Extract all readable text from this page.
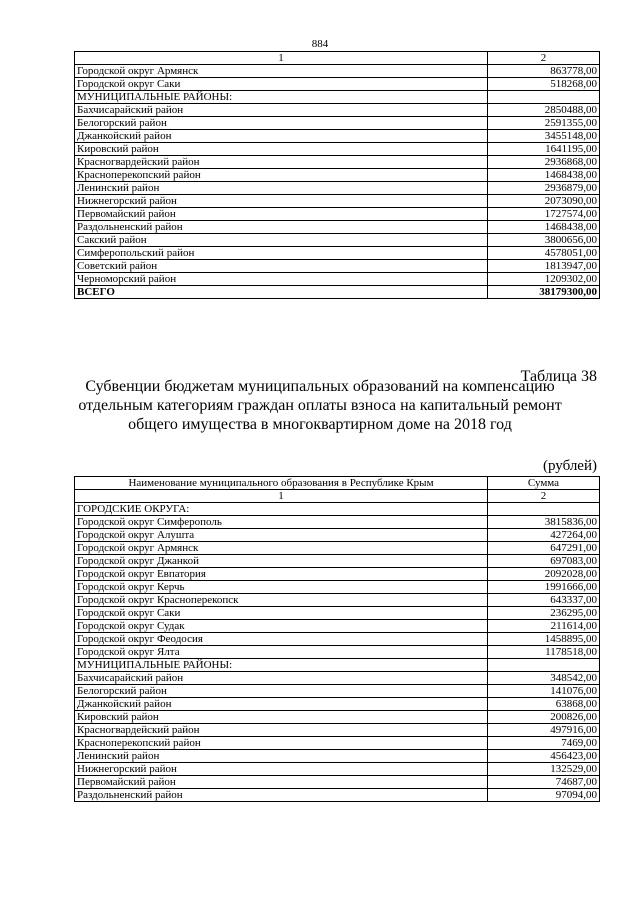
884
1	2
Городской округ Армянск	863778,00
Городской округ Саки	518268,00
МУНИЦИПАЛЬНЫЕ РАЙОНЫ:	
Бахчисарайский район	2850488,00
Белогорский район	2591355,00
Джанкойский район	3455148,00
Кировский район	1641195,00
Красногвардейский район	2936868,00
Красноперекопский район	1468438,00
Ленинский район	2936879,00
Нижнегорский район	2073090,00
Первомайский район	1727574,00
Раздольненский район	1468438,00
Сакский район	3800656,00
Симферопольский район	4578051,00
Советский район	1813947,00
Черноморский район	1209302,00
ВСЕГО	38179300,00
Таблица 38
Субвенции бюджетам муниципальных образований на компенсацию отдельным категориям граждан оплаты взноса на капитальный ремонт общего имущества в многоквартирном доме на 2018 год
(рублей)
Наименование муниципального образования в Республике Крым	Сумма
1	2
ГОРОДСКИЕ ОКРУГА:	
Городской округ Симферополь	3815836,00
Городской округ Алушта	427264,00
Городской округ Армянск	647291,00
Городской округ Джанкой	697083,00
Городской округ Евпатория	2092028,00
Городской округ Керчь	1991666,00
Городской округ Красноперекопск	643337,00
Городской округ Саки	236295,00
Городской округ Судак	211614,00
Городской округ Феодосия	1458895,00
Городской округ Ялта	1178518,00
МУНИЦИПАЛЬНЫЕ РАЙОНЫ:	
Бахчисарайский район	348542,00
Белогорский район	141076,00
Джанкойский район	63868,00
Кировский район	200826,00
Красногвардейский район	497916,00
Красноперекопский район	7469,00
Ленинский район	456423,00
Нижнегорский район	132529,00
Первомайский район	74687,00
Раздольненский район	97094,00
